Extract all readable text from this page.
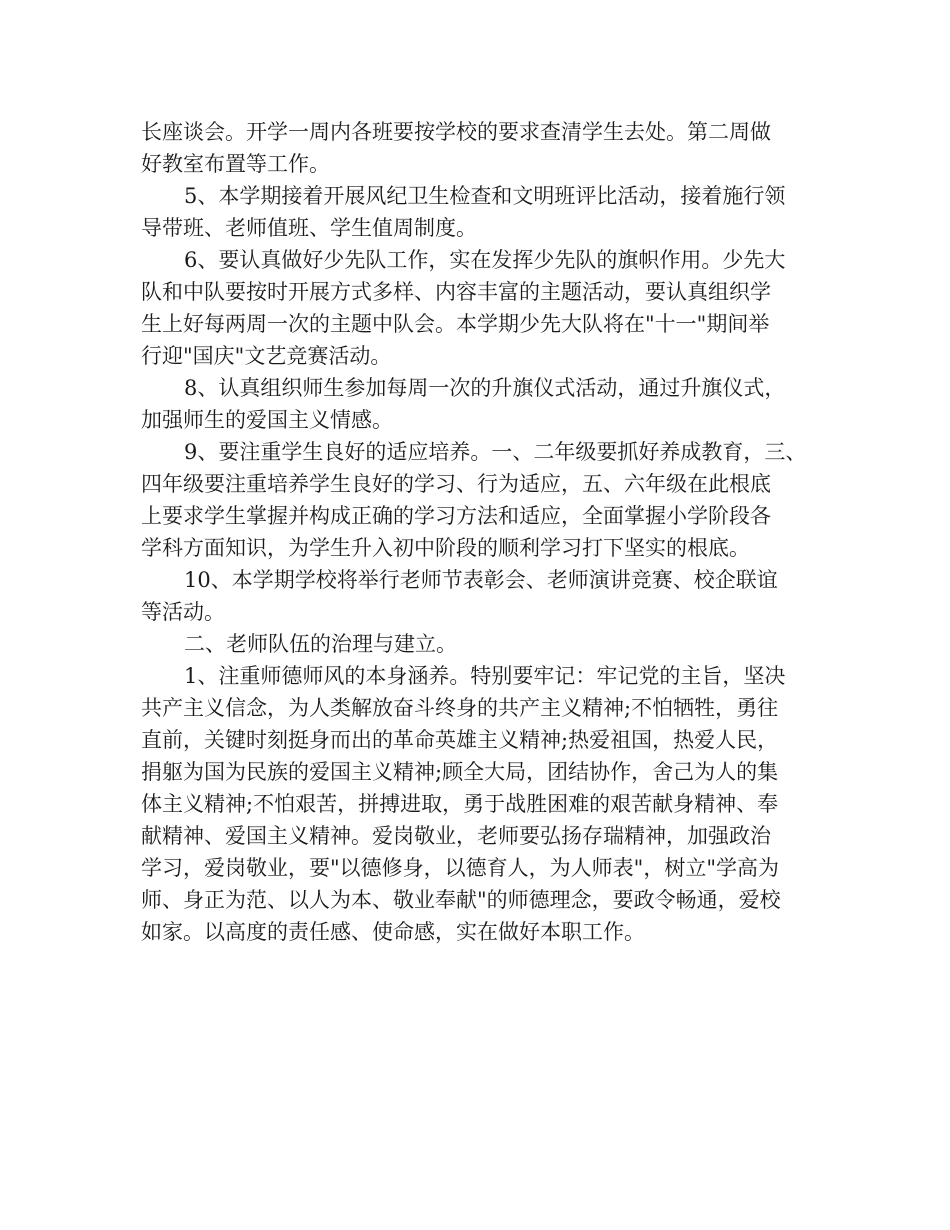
长座谈会。开学一周内各班要按学校的要求查清学生去处。第二周做
好教室布置等工作。
5、本学期接着开展风纪卫生检查和文明班评比活动，接着施行领
导带班、老师值班、学生值周制度。
6、要认真做好少先队工作，实在发挥少先队的旗帜作用。少先大
队和中队要按时开展方式多样、内容丰富的主题活动，要认真组织学
生上好每两周一次的主题中队会。本学期少先大队将在"十一"期间举
行迎"国庆"文艺竞赛活动。
8、认真组织师生参加每周一次的升旗仪式活动，通过升旗仪式，
加强师生的爱国主义情感。
9、要注重学生良好的适应培养。一、二年级要抓好养成教育，三、
四年级要注重培养学生良好的学习、行为适应，五、六年级在此根底
上要求学生掌握并构成正确的学习方法和适应，全面掌握小学阶段各
学科方面知识，为学生升入初中阶段的顺利学习打下坚实的根底。
10、本学期学校将举行老师节表彰会、老师演讲竞赛、校企联谊
等活动。
二、老师队伍的治理与建立。
1、注重师德师风的本身涵养。特别要牢记：牢记党的主旨，坚决
共产主义信念，为人类解放奋斗终身的共产主义精神;不怕牺牲，勇往
直前，关键时刻挺身而出的革命英雄主义精神;热爱祖国，热爱人民，
捐躯为国为民族的爱国主义精神;顾全大局，团结协作，舍己为人的集
体主义精神;不怕艰苦，拼搏进取，勇于战胜困难的艰苦献身精神、奉
献精神、爱国主义精神。爱岗敬业，老师要弘扬存瑞精神，加强政治
学习，爱岗敬业，要"以德修身，以德育人，为人师表"，树立"学高为
师、身正为范、以人为本、敬业奉献"的师德理念，要政令畅通，爱校
如家。以高度的责任感、使命感，实在做好本职工作。
